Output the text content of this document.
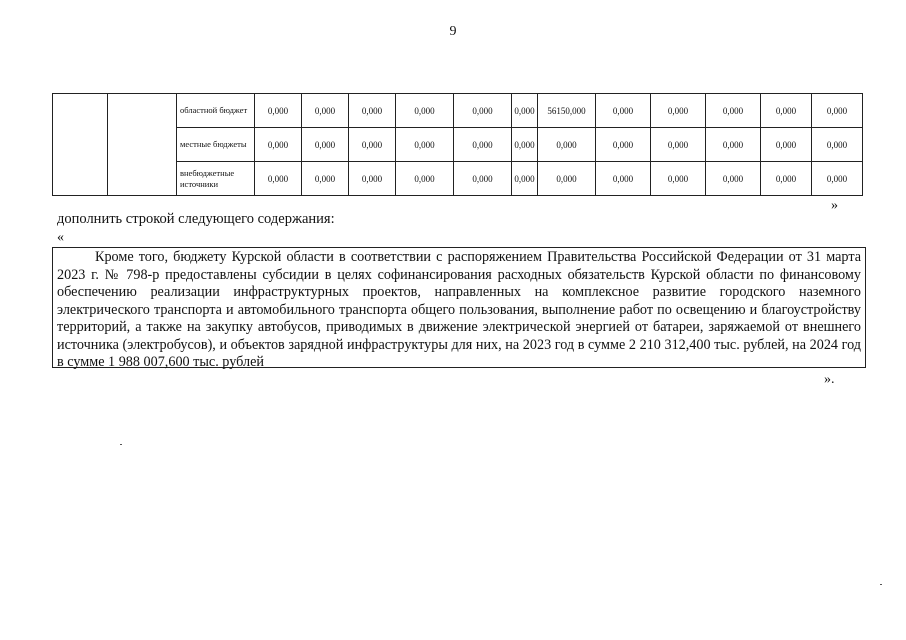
9
		областной бюджет	0,000	0,000	0,000	0,000	0,000	0,000	56150,000	0,000	0,000	0,000	0,000	0,000
		местные бюджеты	0,000	0,000	0,000	0,000	0,000	0,000	0,000	0,000	0,000	0,000	0,000	0,000
		внебюджетные источники	0,000	0,000	0,000	0,000	0,000	0,000	0,000	0,000	0,000	0,000	0,000	0,000
»
дополнить строкой следующего содержания:
«

Кроме того, бюджету Курской области в соответствии с распоряжением Правительства Российской Федерации от 31 марта 2023 г. № 798-р предоставлены субсидии в целях софинансирования расходных обязательств Курской области по финансовому обеспечению реализации инфраструктурных проектов, направленных на комплексное развитие городского наземного электрического транспорта и автомобильного транспорта общего пользования, выполнение работ по освещению и благоустройству территорий, а также на закупку автобусов, приводимых в движение электрической энергией от батареи, заряжаемой от внешнего источника (электробусов), и объектов зарядной инфраструктуры для них, на 2023 год в сумме 2 210 312,400 тыс. рублей, на 2024 год в сумме 1 988 007,600 тыс. рублей

».
